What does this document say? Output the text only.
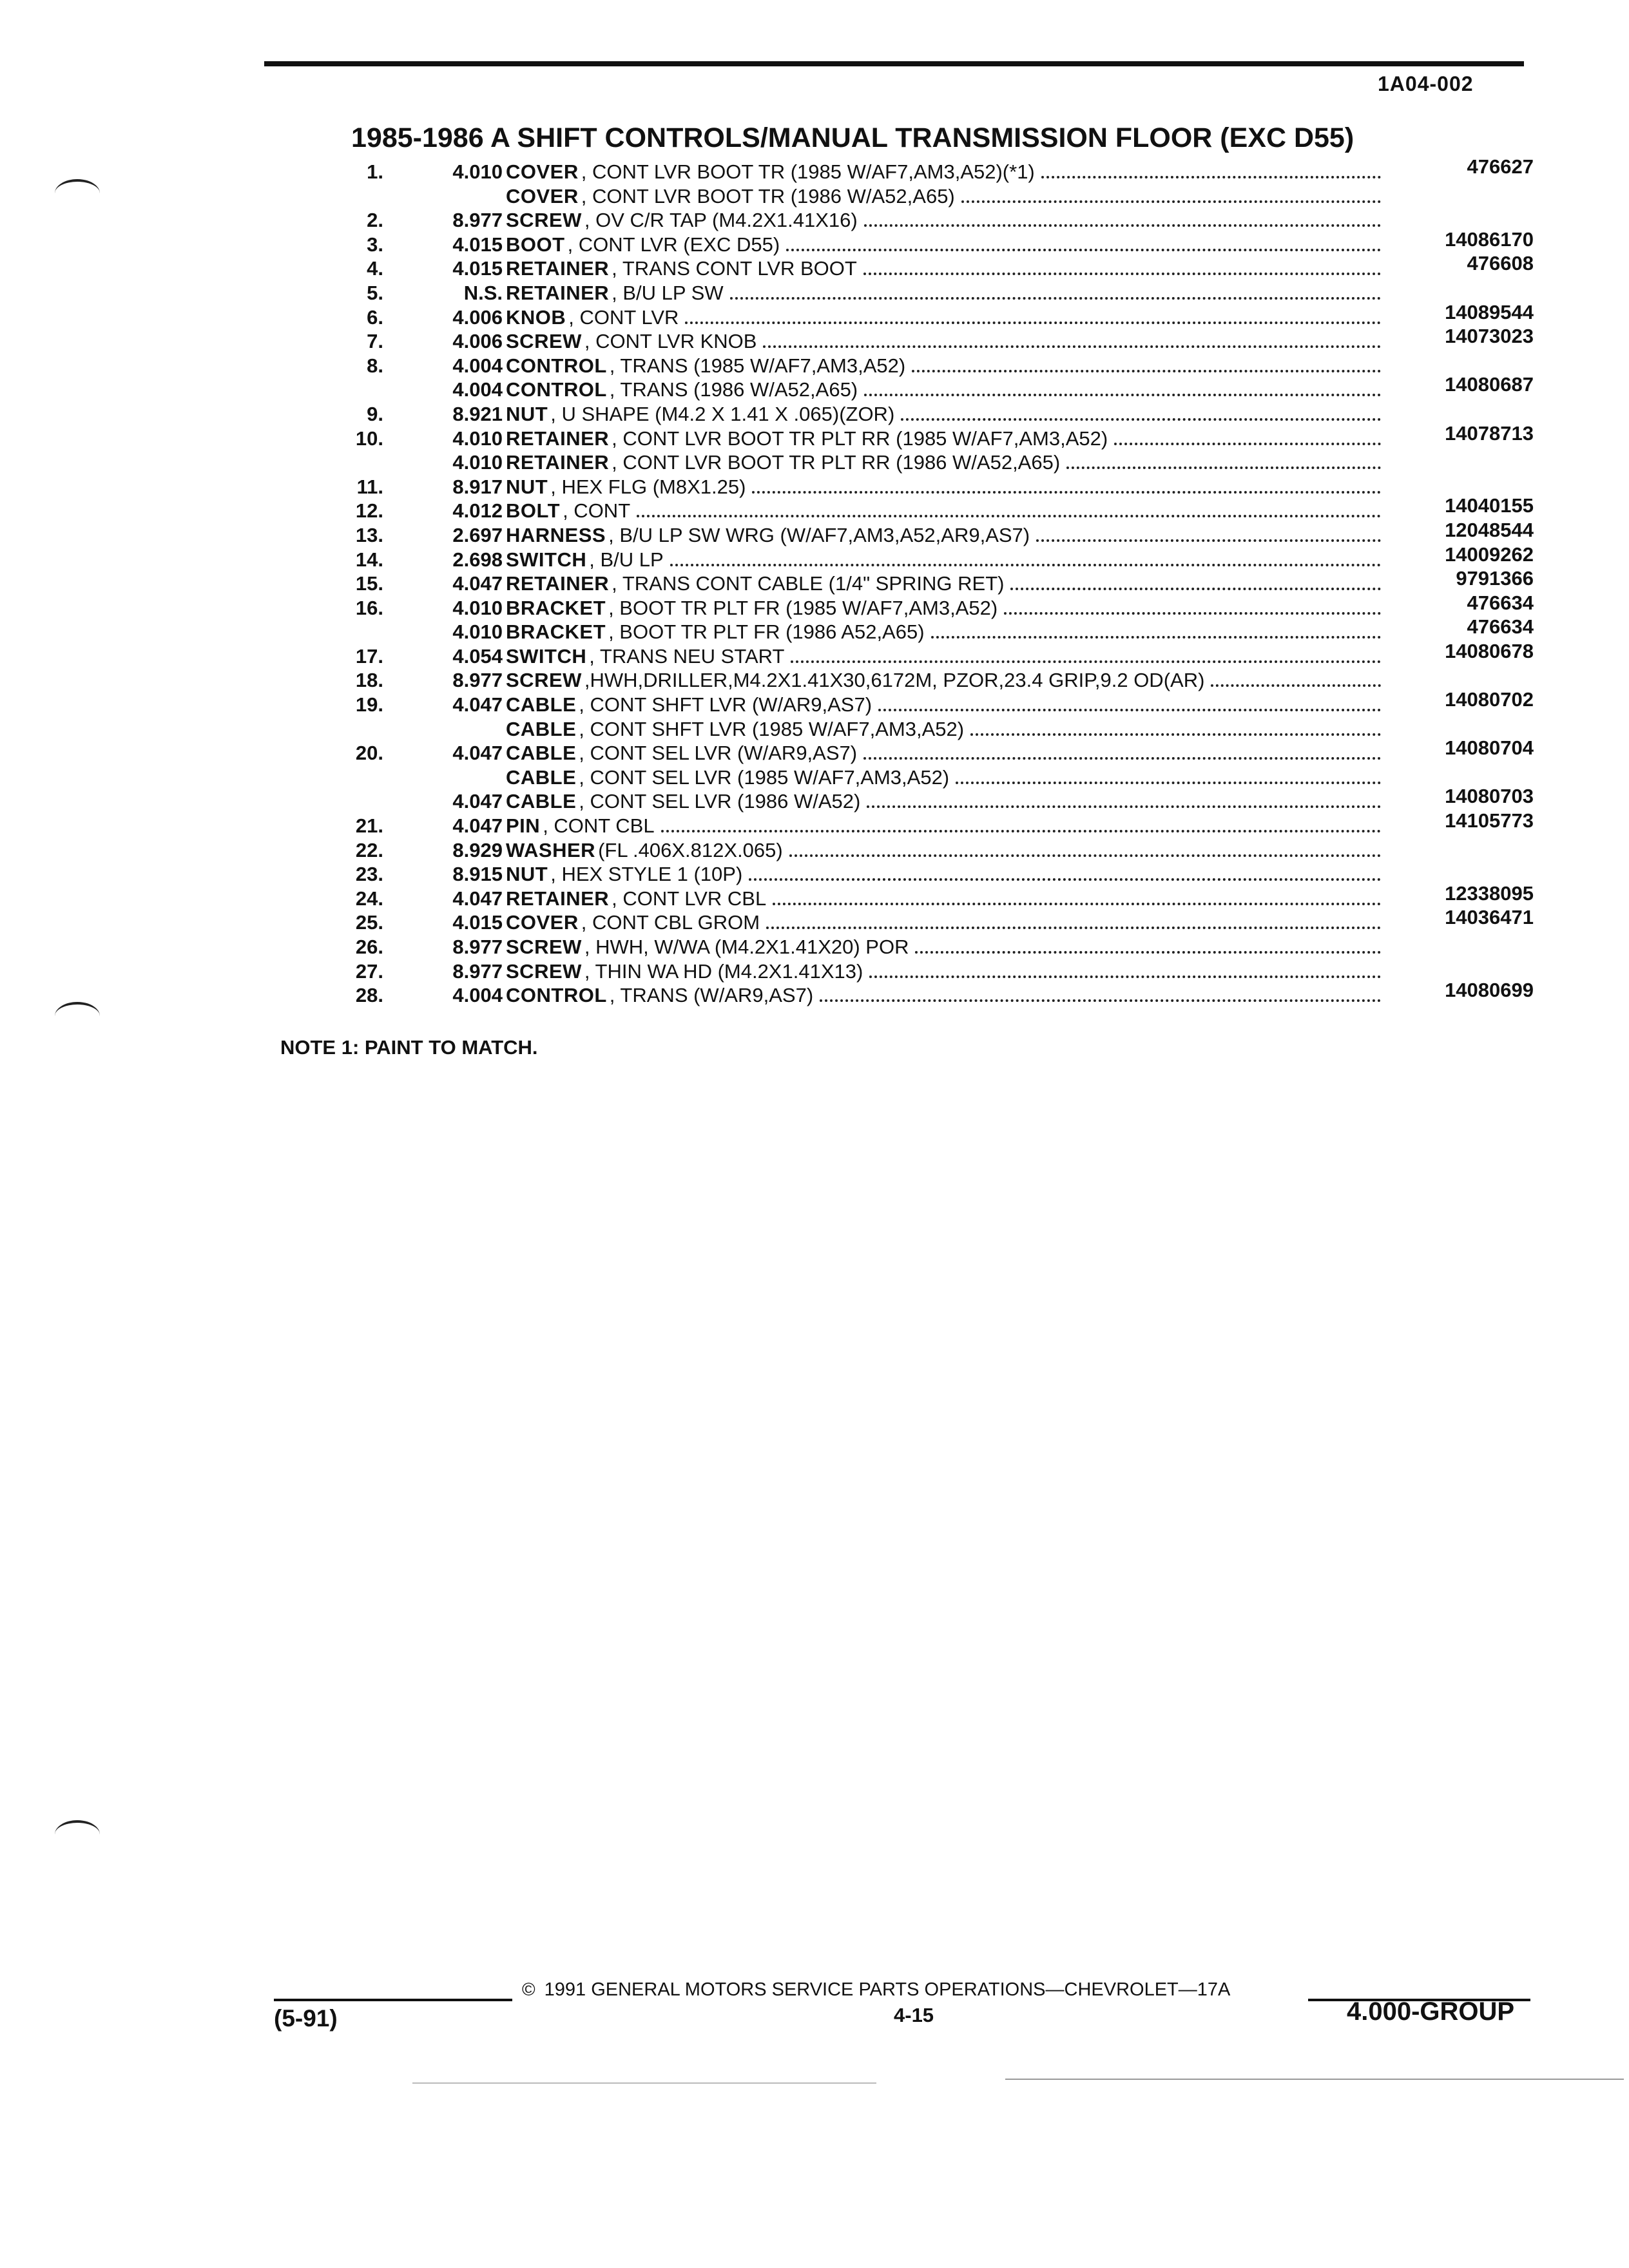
1A04-002
1985-1986 A SHIFT CONTROLS/MANUAL TRANSMISSION FLOOR (EXC D55)
1.	4.010 COVER , CONT LVR BOOT TR (1985 W/AF7,AM3,A52)(*1)	476627
COVER , CONT LVR BOOT TR (1986 W/A52,A65)
2.	8.977 SCREW , OV C/R TAP (M4.2X1.41X16)
3.	4.015 BOOT , CONT LVR (EXC D55)	14086170
4.	4.015 RETAINER , TRANS CONT LVR BOOT	476608
5.	N.S. RETAINER , B/U LP SW
6.	4.006 KNOB , CONT LVR	14089544
7.	4.006 SCREW , CONT LVR KNOB	14073023
8.	4.004 CONTROL , TRANS (1985 W/AF7,AM3,A52)
4.004 CONTROL , TRANS (1986 W/A52,A65)	14080687
9.	8.921 NUT , U SHAPE (M4.2 X 1.41 X .065)(ZOR)
10.	4.010 RETAINER , CONT LVR BOOT TR PLT RR (1985 W/AF7,AM3,A52)	14078713
4.010 RETAINER , CONT LVR BOOT TR PLT RR (1986 W/A52,A65)
11.	8.917 NUT , HEX FLG (M8X1.25)
12.	4.012 BOLT , CONT	14040155
13.	2.697 HARNESS , B/U LP SW WRG (W/AF7,AM3,A52,AR9,AS7)	12048544
14.	2.698 SWITCH , B/U LP	14009262
15.	4.047 RETAINER , TRANS CONT CABLE (1/4" SPRING RET)	9791366
16.	4.010 BRACKET , BOOT TR PLT FR (1985 W/AF7,AM3,A52)	476634
4.010 BRACKET , BOOT TR PLT FR (1986 A52,A65)	476634
17.	4.054 SWITCH , TRANS NEU START	14080678
18.	8.977 SCREW ,HWH,DRILLER,M4.2X1.41X30,6172M, PZOR,23.4 GRIP,9.2 OD(AR)
19.	4.047 CABLE , CONT SHFT LVR (W/AR9,AS7)	14080702
CABLE , CONT SHFT LVR (1985 W/AF7,AM3,A52)
20.	4.047 CABLE , CONT SEL LVR (W/AR9,AS7)	14080704
CABLE , CONT SEL LVR (1985 W/AF7,AM3,A52)
4.047 CABLE , CONT SEL LVR (1986 W/A52)	14080703
21.	4.047 PIN , CONT CBL	14105773
22.	8.929 WASHER (FL .406X.812X.065)
23.	8.915 NUT , HEX STYLE 1 (10P)
24.	4.047 RETAINER , CONT LVR CBL	12338095
25.	4.015 COVER , CONT CBL GROM	14036471
26.	8.977 SCREW , HWH, W/WA (M4.2X1.41X20) POR
27.	8.977 SCREW , THIN WA HD (M4.2X1.41X13)
28.	4.004 CONTROL , TRANS (W/AR9,AS7)	14080699
NOTE 1: PAINT TO MATCH.
© 1991 GENERAL MOTORS SERVICE PARTS OPERATIONS—CHEVROLET—17A
(5-91)	4-15	4.000-GROUP
